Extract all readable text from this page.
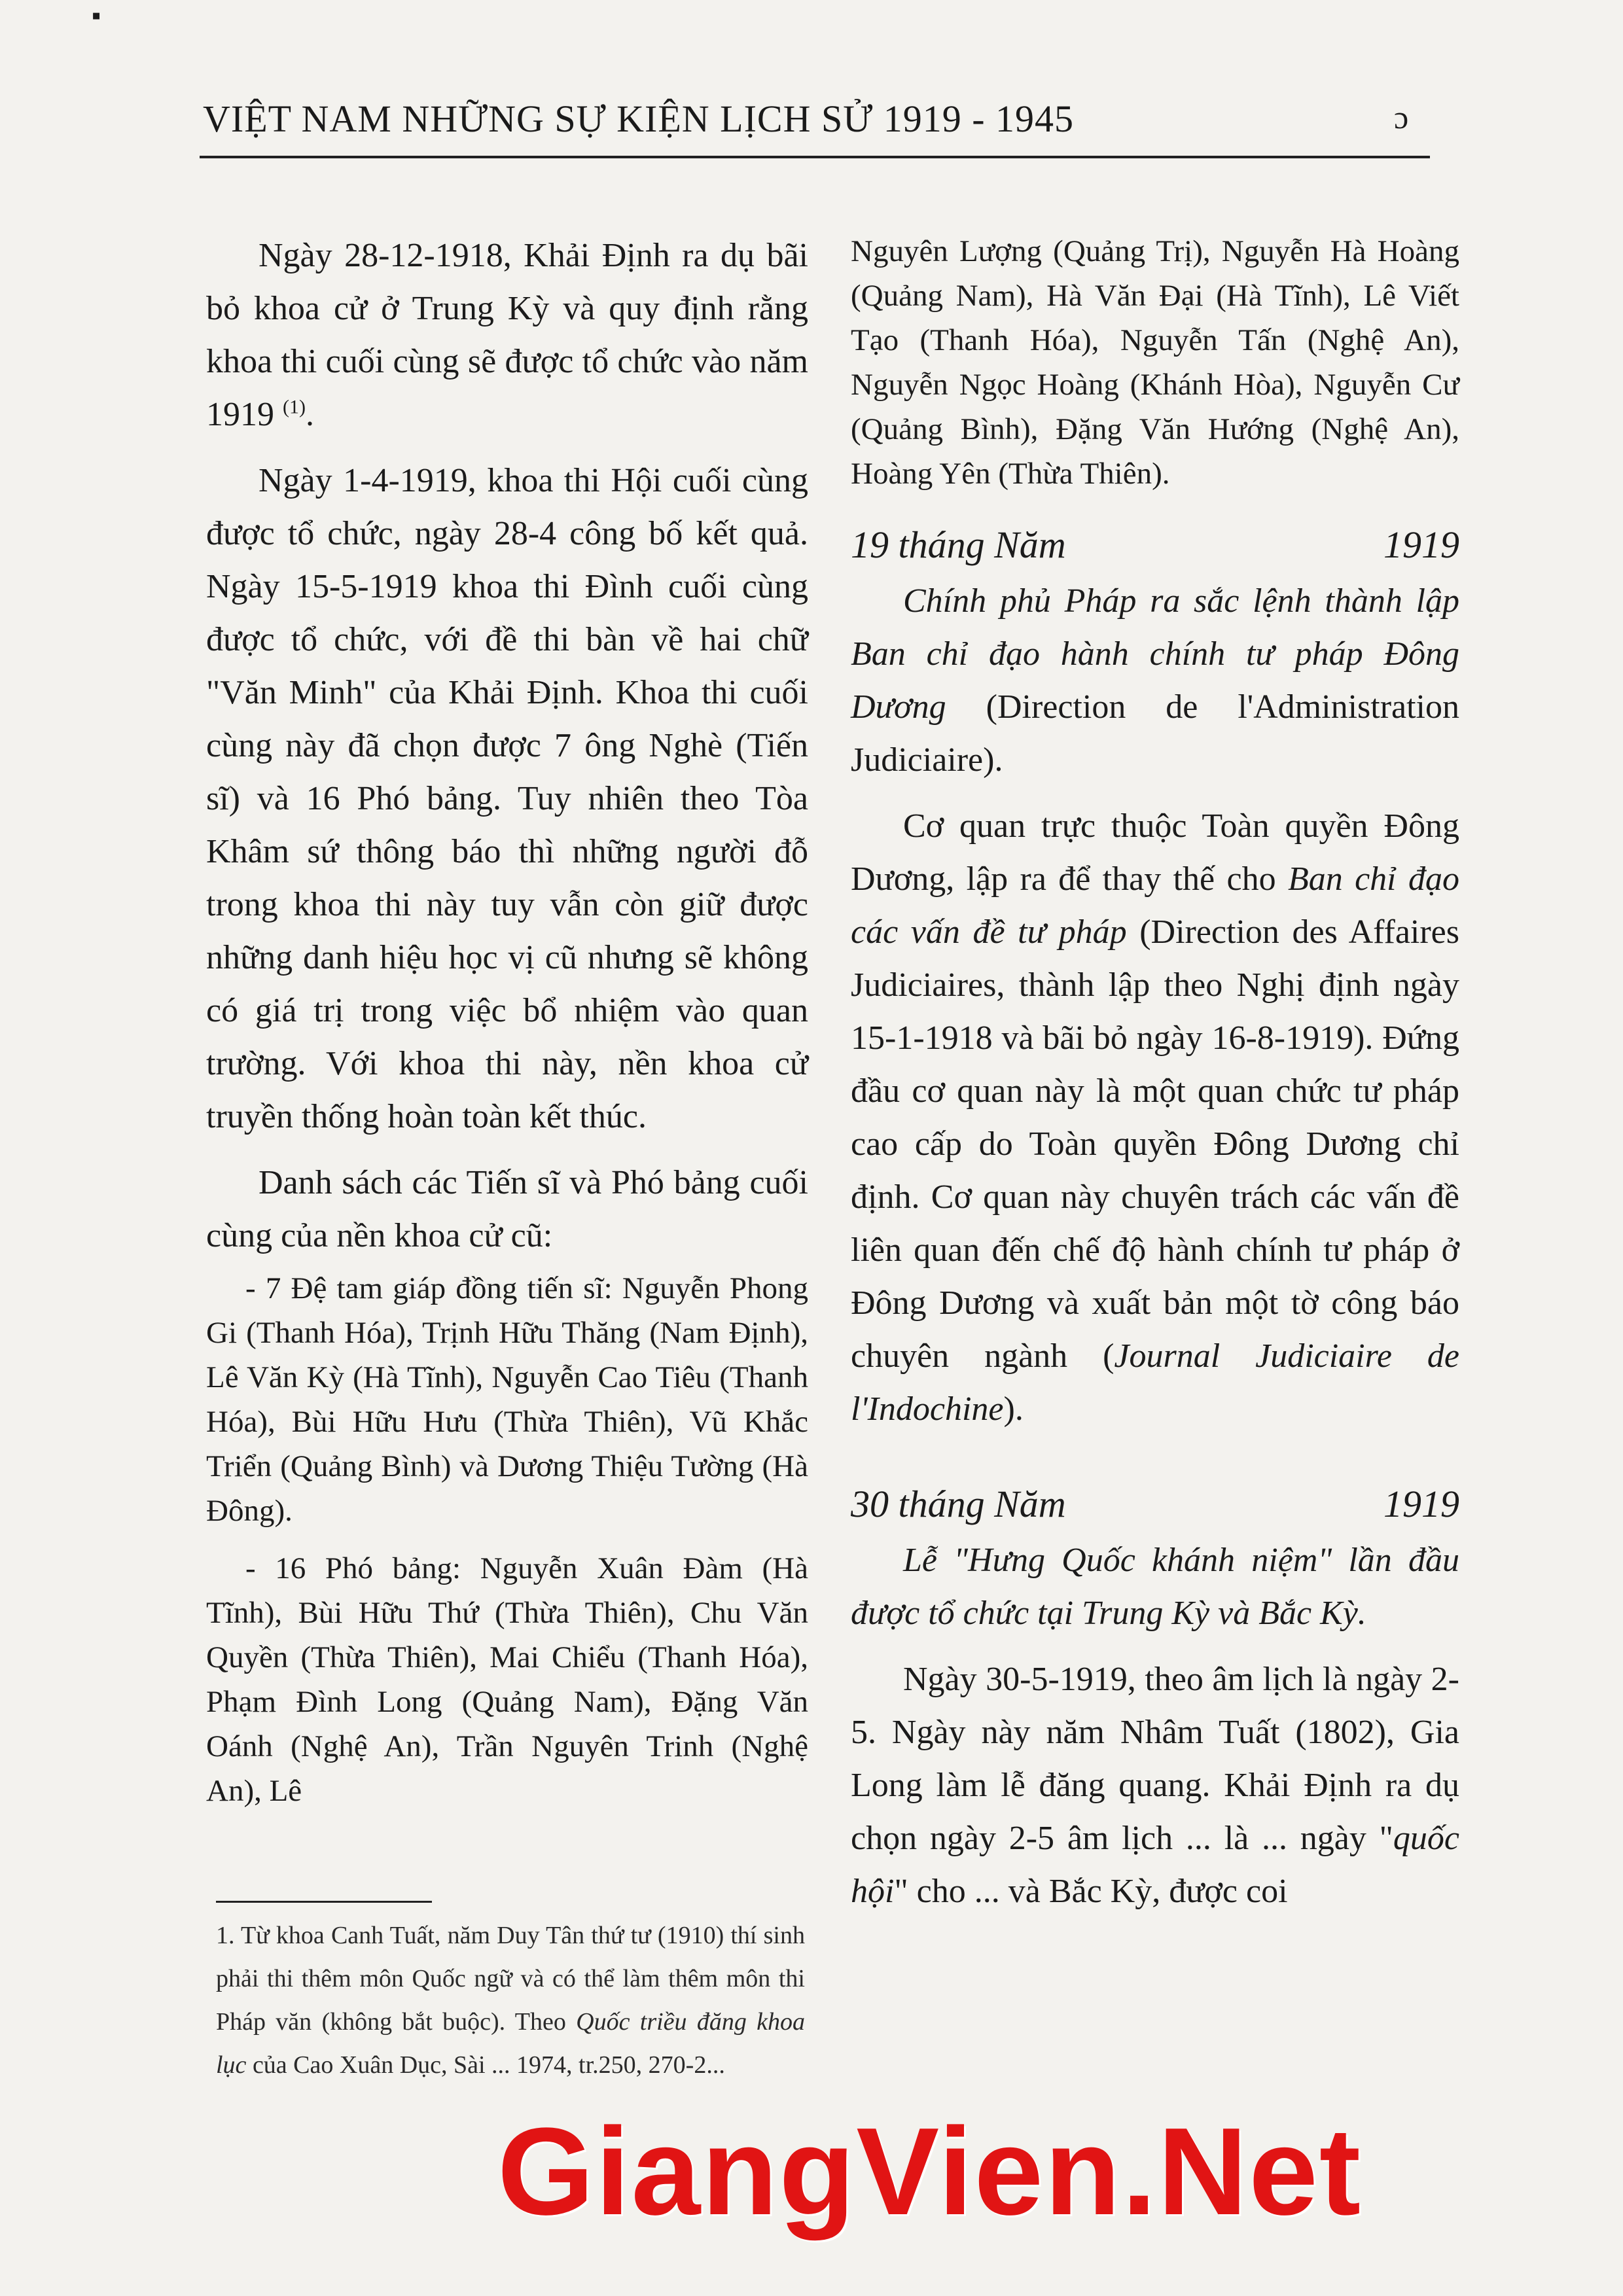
▪
VIỆT NAM NHỮNG SỰ KIỆN LỊCH SỬ 1919 - 1945	ɔ

Ngày 28-12-1918, Khải Định ra dụ bãi bỏ khoa cử ở Trung Kỳ và quy định rằng khoa thi cuối cùng sẽ được tổ chức vào năm 1919 $^{(1)}$.

Ngày 1-4-1919, khoa thi Hội cuối cùng được tổ chức, ngày 28-4 công bố kết quả. Ngày 15-5-1919 khoa thi Đình cuối cùng được tổ chức, với đề thi bàn về hai chữ "Văn Minh" của Khải Định. Khoa thi cuối cùng này đã chọn được 7 ông Nghè (Tiến sĩ) và 16 Phó bảng. Tuy nhiên theo Tòa Khâm sứ thông báo thì những người đỗ trong khoa thi này tuy vẫn còn giữ được những danh hiệu học vị cũ nhưng sẽ không có giá trị trong việc bổ nhiệm vào quan trường. Với khoa thi này, nền khoa cử truyền thống hoàn toàn kết thúc.

Danh sách các Tiến sĩ và Phó bảng cuối cùng của nền khoa cử cũ:

- 7 Đệ tam giáp đồng tiến sĩ: Nguyễn Phong Gi (Thanh Hóa), Trịnh Hữu Thăng (Nam Định), Lê Văn Kỳ (Hà Tĩnh), Nguyễn Cao Tiêu (Thanh Hóa), Bùi Hữu Hưu (Thừa Thiên), Vũ Khắc Triển (Quảng Bình) và Dương Thiệu Tường (Hà Đông).

- 16 Phó bảng: Nguyễn Xuân Đàm (Hà Tĩnh), Bùi Hữu Thứ (Thừa Thiên), Chu Văn Quyền (Thừa Thiên), Mai Chiểu (Thanh Hóa), Phạm Đình Long (Quảng Nam), Đặng Văn Oánh (Nghệ An), Trần Nguyên Trinh (Nghệ An), Lê

1. Từ khoa Canh Tuất, năm Duy Tân thứ tư (1910) thí sinh phải thi thêm môn Quốc ngữ và có thể làm thêm môn thi Pháp văn (không bắt buộc). Theo Quốc triều đăng khoa lục của Cao Xuân Dục, Sài ... 1974, tr.250, 270-2...

Nguyên Lượng (Quảng Trị), Nguyễn Hà Hoàng (Quảng Nam), Hà Văn Đại (Hà Tĩnh), Lê Viết Tạo (Thanh Hóa), Nguyễn Tấn (Nghệ An), Nguyễn Ngọc Hoàng (Khánh Hòa), Nguyễn Cư (Quảng Bình), Đặng Văn Hướng (Nghệ An), Hoàng Yên (Thừa Thiên).

19 tháng Năm	1919

Chính phủ Pháp ra sắc lệnh thành lập Ban chỉ đạo hành chính tư pháp Đông Dương (Direction de l'Administration Judiciaire).

Cơ quan trực thuộc Toàn quyền Đông Dương, lập ra để thay thế cho Ban chỉ đạo các vấn đề tư pháp (Direction des Affaires Judiciaires, thành lập theo Nghị định ngày 15-1-1918 và bãi bỏ ngày 16-8-1919). Đứng đầu cơ quan này là một quan chức tư pháp cao cấp do Toàn quyền Đông Dương chỉ định. Cơ quan này chuyên trách các vấn đề liên quan đến chế độ hành chính tư pháp ở Đông Dương và xuất bản một tờ công báo chuyên ngành (Journal Judiciaire de l'Indochine).

30 tháng Năm	1919

Lễ "Hưng Quốc khánh niệm" lần đầu được tổ chức tại Trung Kỳ và Bắc Kỳ.

Ngày 30-5-1919, theo âm lịch là ngày 2-5. Ngày này năm Nhâm Tuất (1802), Gia Long làm lễ đăng quang. Khải Định ra dụ chọn ngày 2-5 âm lịch ... là ... ngày "quốc hội" cho ... và Bắc Kỳ, được coi

GiangVien.Net
